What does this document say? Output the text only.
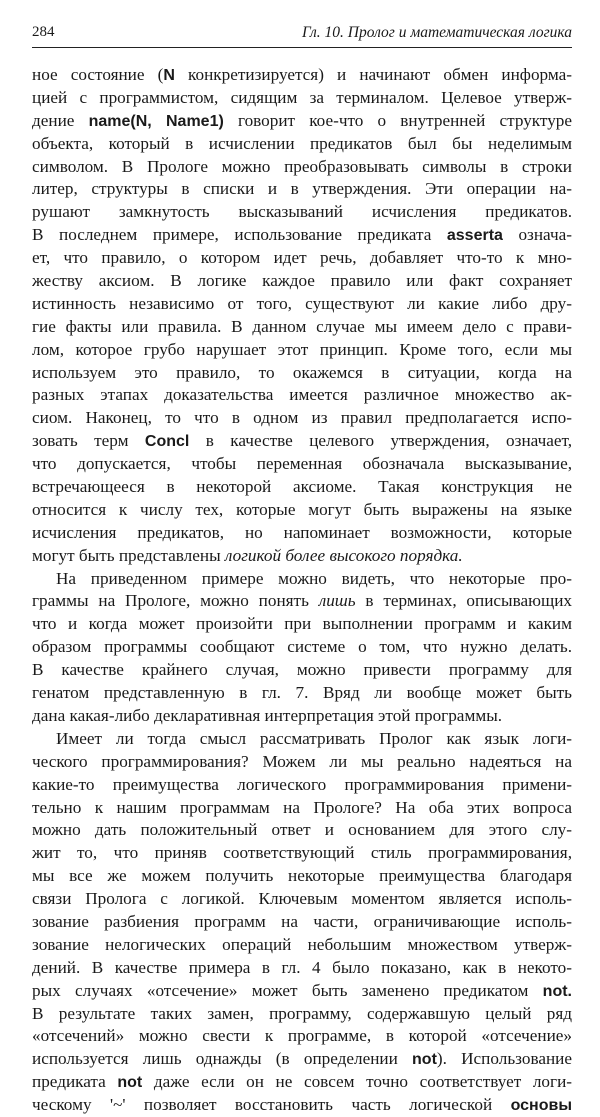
284	Гл. 10. Пролог и математическая логика
ное состояние (N конкретизируется) и начинают обмен информа-
цией с программистом, сидящим за терминалом. Целевое утверж-
дение name(N, Name1) говорит кое-что о внутренней структуре
объекта, который в исчислении предикатов был бы неделимым
символом. В Прологе можно преобразовывать символы в строки
литер, структуры в списки и в утверждения. Эти операции на-
рушают замкнутость высказываний исчисления предикатов.
В последнем примере, использование предиката asserta означа-
ет, что правило, о котором идет речь, добавляет что-то к мно-
жеству аксиом. В логике каждое правило или факт сохраняет
истинность независимо от того, существуют ли какие либо дру-
гие факты или правила. В данном случае мы имеем дело с прави-
лом, которое грубо нарушает этот принцип. Кроме того, если мы
используем это правило, то окажемся в ситуации, когда на
разных этапах доказательства имеется различное множество ак-
сиом. Наконец, то что в одном из правил предполагается испо-
зовать терм Concl в качестве целевого утверждения, означает,
что допускается, чтобы переменная обозначала высказывание,
встречающееся в некоторой аксиоме. Такая конструкция не
относится к числу тех, которые могут быть выражены на языке
исчисления предикатов, но напоминает возможности, которые
могут быть представлены логикой более высокого порядка.
На приведенном примере можно видеть, что некоторые про-
граммы на Прологе, можно понять лишь в терминах, описывающих
что и когда может произойти при выполнении программ и каким
образом программы сообщают системе о том, что нужно делать.
В качестве крайнего случая, можно привести программу для
генатом представленную в гл. 7. Вряд ли вообще может быть
дана какая-либо декларативная интерпретация этой программы.
Имеет ли тогда смысл рассматривать Пролог как язык логи-
ческого программирования? Можем ли мы реально надеяться на
какие-то преимущества логического программирования примени-
тельно к нашим программам на Прологе? На оба этих вопроса
можно дать положительный ответ и основанием для этого слу-
жит то, что приняв соответствующий стиль программирования,
мы все же можем получить некоторые преимущества благодаря
связи Пролога с логикой. Ключевым моментом является исполь-
зование разбиения программ на части, ограничивающие исполь-
зование нелогических операций небольшим множеством утверж-
дений. В качестве примера в гл. 4 было показано, как в некото-
рых случаях «отсечение» может быть заменено предикатом not.
В результате таких замен, программу, содержавшую целый ряд
«отсечений» можно свести к программе, в которой «отсечение»
используется лишь однажды (в определении not). Использование
предиката not даже если он не совсем точно соответствует логи-
ческому '~' позволяет восстановить часть логической основы
